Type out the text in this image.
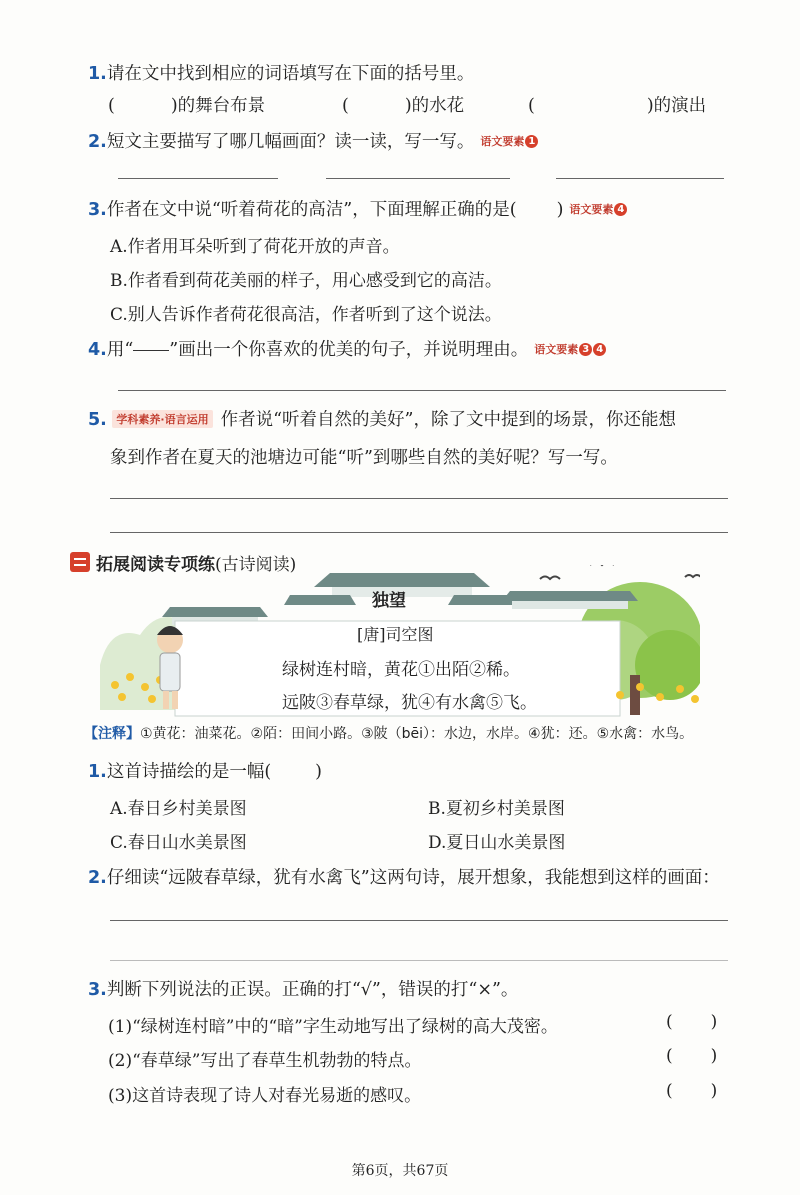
1.请在文中找到相应的词语填写在下面的括号里。
(	)的舞台布景	(	)的水花	(	)的演出
2.短文主要描写了哪几幅画面？读一读，写一写。 语文要素 1
3.作者在文中说“听着荷花的高洁”，下面理解正确的是( ) 语文要素 4
A.作者用耳朵听到了荷花开放的声音。
B.作者看到荷花美丽的样子，用心感受到它的高洁。
C.别人告诉作者荷花很高洁，作者听到了这个说法。
4.用“ ”画出一个你喜欢的优美的句子，并说明理由。 语文要素 3 4
5. 学科素养·语言运用 作者说“听着自然的美好”，除了文中提到的场景，你还能想
象到作者在夏天的池塘边可能“听”到哪些自然的美好呢？写一写。
拓展阅读专项练(古诗阅读)
独望
[唐]司空图
绿树连村暗，黄花①出陌②稀。
远陂③春草绿，犹④有水禽⑤飞。
【注释】①黄花：油菜花。②陌：田间小路。③陂（bēi）：水边，水岸。④犹：还。⑤水禽：水鸟。
1.这首诗描绘的是一幅(	)
A.春日乡村美景图	B.夏初乡村美景图
C.春日山水美景图	D.夏日山水美景图
2.仔细读“远陂春草绿，犹有水禽飞”这两句诗，展开想象，我能想到这样的画面：
3.判断下列说法的正误。正确的打“√”，错误的打“×”。
(1)“绿树连村暗”中的“暗”字生动地写出了绿树的高大茂密。	( )
(2)“春草绿”写出了春草生机勃勃的特点。	( )
(3)这首诗表现了诗人对春光易逝的感叹。	( )
第6页，共67页
